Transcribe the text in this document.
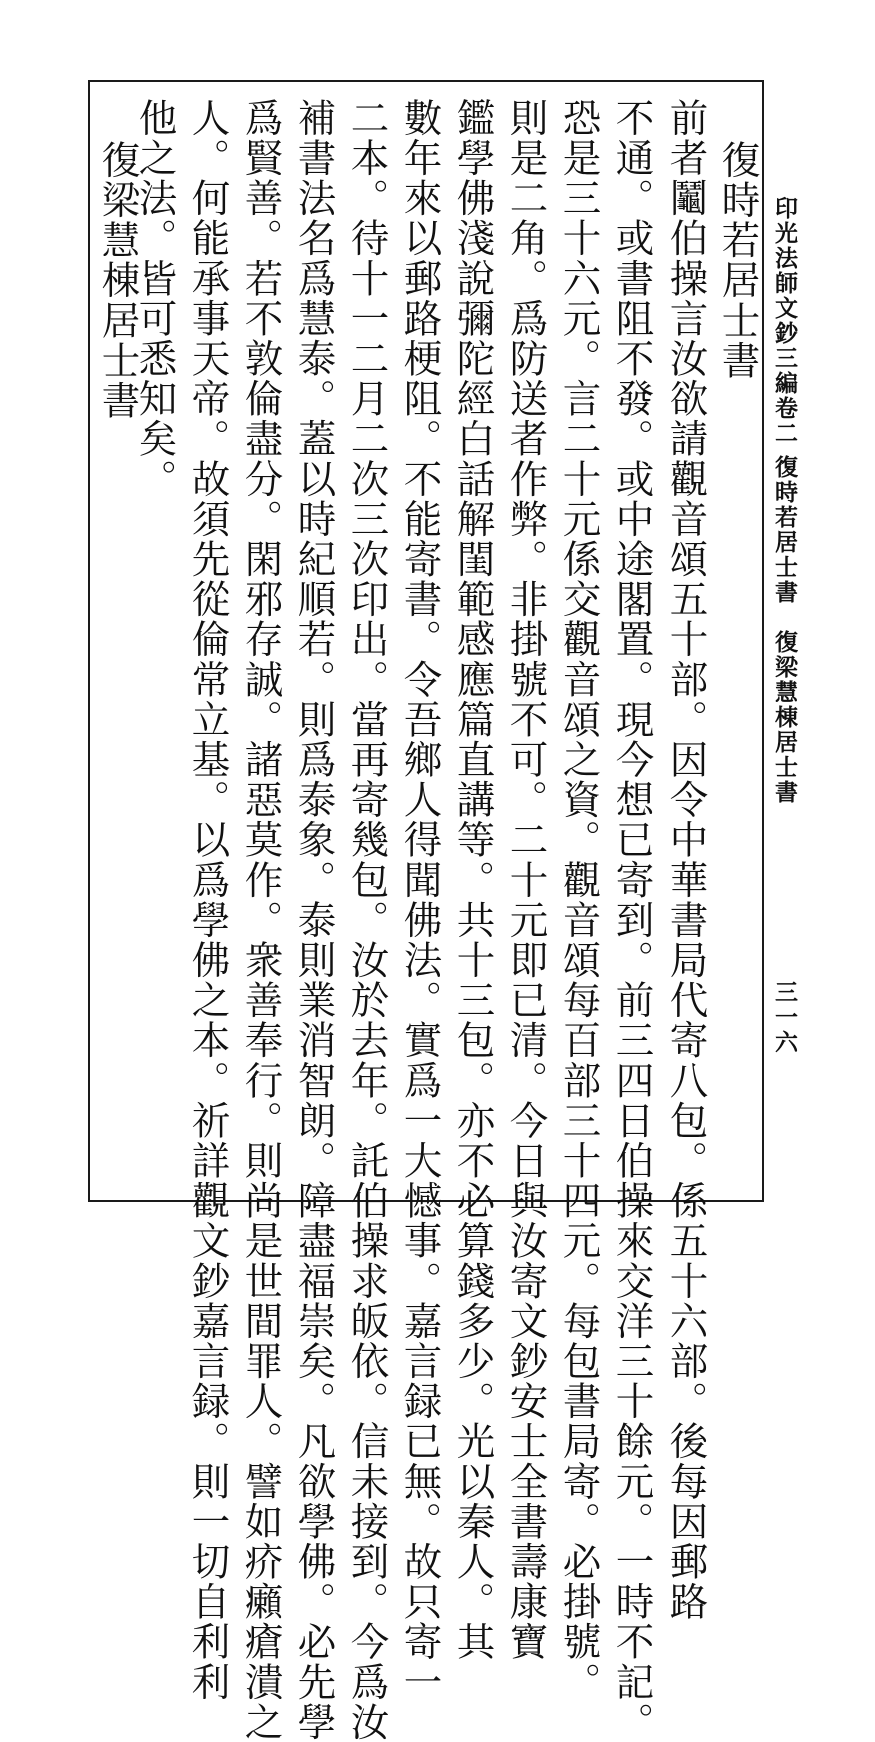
印光法師文鈔三編卷二
復時若居士書　復梁慧棟居士書
三一六
復時若居士書
前者鬮伯操言汝欲請觀音頌五十部。因令中華書局代寄八包。係五十六部。後每因郵路
不通。或書阻不發。或中途閣置。現今想已寄到。前三四日伯操來交洋三十餘元。一時不記。
恐是三十六元。言二十元係交觀音頌之資。觀音頌每百部三十四元。每包書局寄。必掛號。
則是二角。爲防送者作弊。非掛號不可。二十元即已清。今日與汝寄文鈔安士全書壽康寶
鑑學佛淺說彌陀經白話解閨範感應篇直講等。共十三包。亦不必算錢多少。光以秦人。其
數年來以郵路梗阻。不能寄書。令吾鄉人得聞佛法。實爲一大憾事。嘉言録已無。故只寄一
二本。待十一二月二次三次印出。當再寄幾包。汝於去年。託伯操求皈依。信未接到。今爲汝
補書法名爲慧泰。蓋以時紀順若。則爲泰象。泰則業消智朗。障盡福崇矣。凡欲學佛。必先學
爲賢善。若不敦倫盡分。閑邪存誠。諸惡莫作。衆善奉行。則尚是世間罪人。譬如疥癩瘡潰之
人。何能承事天帝。故須先從倫常立基。以爲學佛之本。祈詳觀文鈔嘉言録。則一切自利利
他之法。皆可悉知矣。
復梁慧棟居士書
